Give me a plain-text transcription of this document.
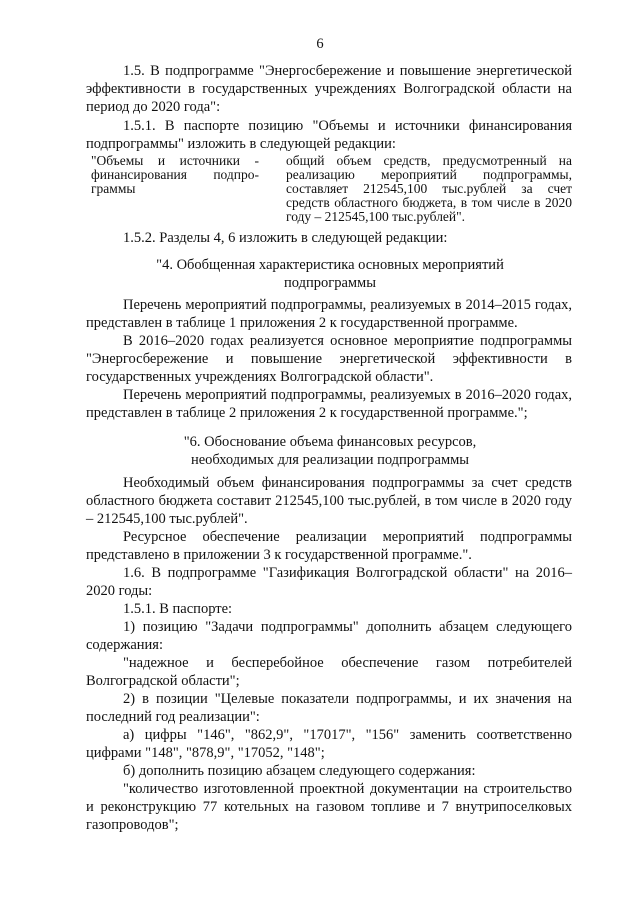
6

1.5. В подпрограмме "Энергосбережение и повышение энергетической эффективности в государственных учреждениях Волгоградской области на период до 2020 года":

1.5.1. В паспорте позицию "Объемы и источники финансирования подпрограммы" изложить в следующей редакции:

"Объемы и источники - финансирования подпро-граммы
общий объем средств, предусмотренный на реализацию мероприятий подпрограммы, составляет 212545,100 тыс.рублей за счет средств областного бюджета, в том числе в 2020 году – 212545,100 тыс.рублей".

1.5.2. Разделы 4, 6 изложить в следующей редакции:

"4. Обобщенная характеристика основных мероприятий подпрограммы

Перечень мероприятий подпрограммы, реализуемых в 2014–2015 годах, представлен в таблице 1 приложения 2 к государственной программе.

В 2016–2020 годах реализуется основное мероприятие подпрограммы "Энергосбережение и повышение энергетической эффективности в государственных учреждениях Волгоградской области".

Перечень мероприятий подпрограммы, реализуемых в 2016–2020 годах, представлен в таблице 2 приложения 2 к государственной программе.";

"6. Обоснование объема финансовых ресурсов, необходимых для реализации подпрограммы

Необходимый объем финансирования подпрограммы за счет средств областного бюджета составит 212545,100 тыс.рублей, в том числе в 2020 году – 212545,100 тыс.рублей".

Ресурсное обеспечение реализации мероприятий подпрограммы представлено в приложении 3 к государственной программе.".

1.6. В подпрограмме "Газификация Волгоградской области" на 2016–2020 годы:

1.5.1. В паспорте:

1) позицию "Задачи подпрограммы" дополнить абзацем следующего содержания:

"надежное и бесперебойное обеспечение газом потребителей Волгоградской области";

2) в позиции "Целевые показатели подпрограммы, и их значения на последний год реализации":

а) цифры "146", "862,9", "17017", "156" заменить соответственно цифрами "148", "878,9", "17052, "148";

б) дополнить позицию абзацем следующего содержания:

"количество изготовленной проектной документации на строительство и реконструкцию 77 котельных на газовом топливе и 7 внутрипоселковых газопроводов";
